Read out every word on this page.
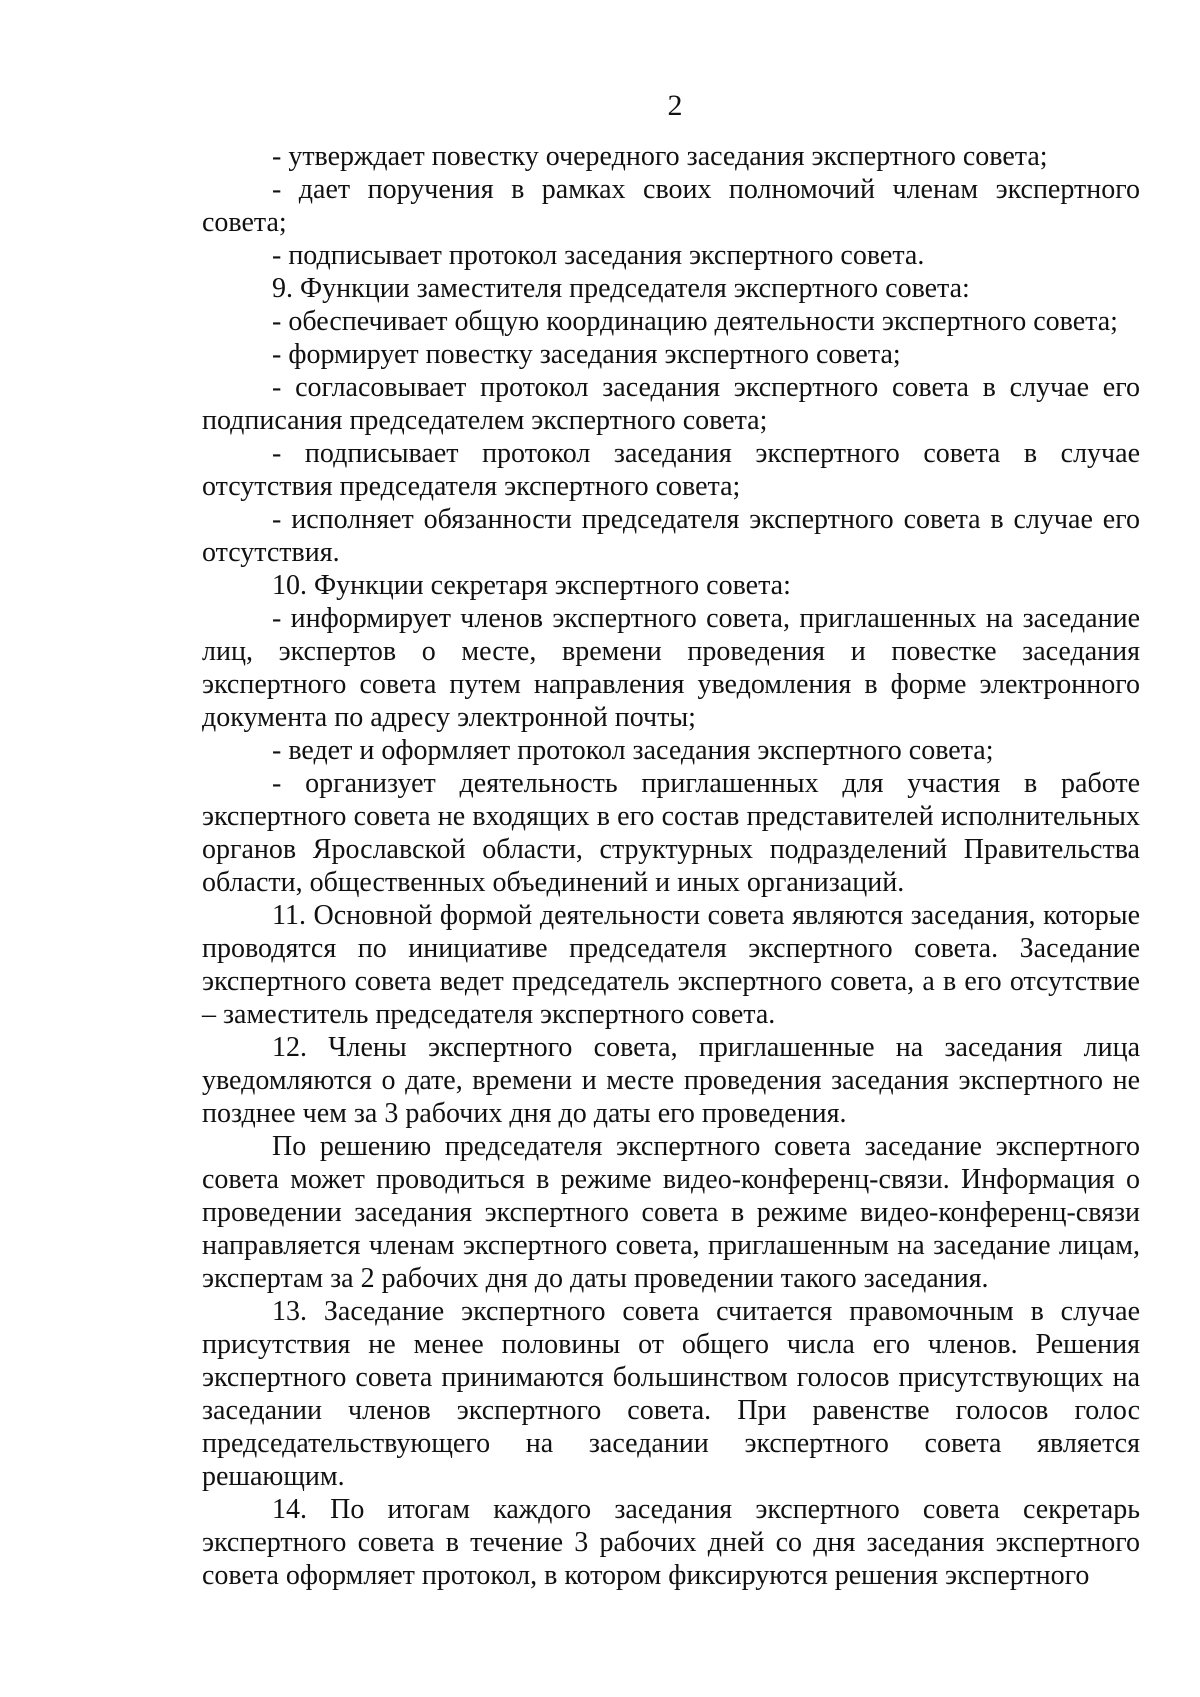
2

- утверждает повестку очередного заседания экспертного совета;

- дает поручения в рамках своих полномочий членам экспертного совета;

- подписывает протокол заседания экспертного совета.

9. Функции заместителя председателя экспертного совета:

- обеспечивает общую координацию деятельности экспертного совета;

- формирует повестку заседания экспертного совета;

- согласовывает протокол заседания экспертного совета в случае его подписания председателем экспертного совета;

- подписывает протокол заседания экспертного совета в случае отсутствия председателя экспертного совета;

- исполняет обязанности председателя экспертного совета в случае его отсутствия.

10. Функции секретаря экспертного совета:

- информирует членов экспертного совета, приглашенных на заседание лиц, экспертов о месте, времени проведения и повестке заседания экспертного совета путем направления уведомления в форме электронного документа по адресу электронной почты;

- ведет и оформляет протокол заседания экспертного совета;

- организует деятельность приглашенных для участия в работе экспертного совета не входящих в его состав представителей исполнительных органов Ярославской области, структурных подразделений Правительства области, общественных объединений и иных организаций.

11. Основной формой деятельности совета являются заседания, которые проводятся по инициативе председателя экспертного совета. Заседание экспертного совета ведет председатель экспертного совета, а в его отсутствие – заместитель председателя экспертного совета.

12. Члены экспертного совета, приглашенные на заседания лица уведомляются о дате, времени и месте проведения заседания экспертного не позднее чем за 3 рабочих дня до даты его проведения.

По решению председателя экспертного совета заседание экспертного совета может проводиться в режиме видео-конференц-связи. Информация о проведении заседания экспертного совета в режиме видео-конференц-связи направляется членам экспертного совета, приглашенным на заседание лицам, экспертам за 2 рабочих дня до даты проведении такого заседания.

13. Заседание экспертного совета считается правомочным в случае присутствия не менее половины от общего числа его членов. Решения экспертного совета принимаются большинством голосов присутствующих на заседании членов экспертного совета. При равенстве голосов голос председательствующего на заседании экспертного совета является решающим.

14. По итогам каждого заседания экспертного совета секретарь экспертного совета в течение 3 рабочих дней со дня заседания экспертного совета оформляет протокол, в котором фиксируются решения экспертного
